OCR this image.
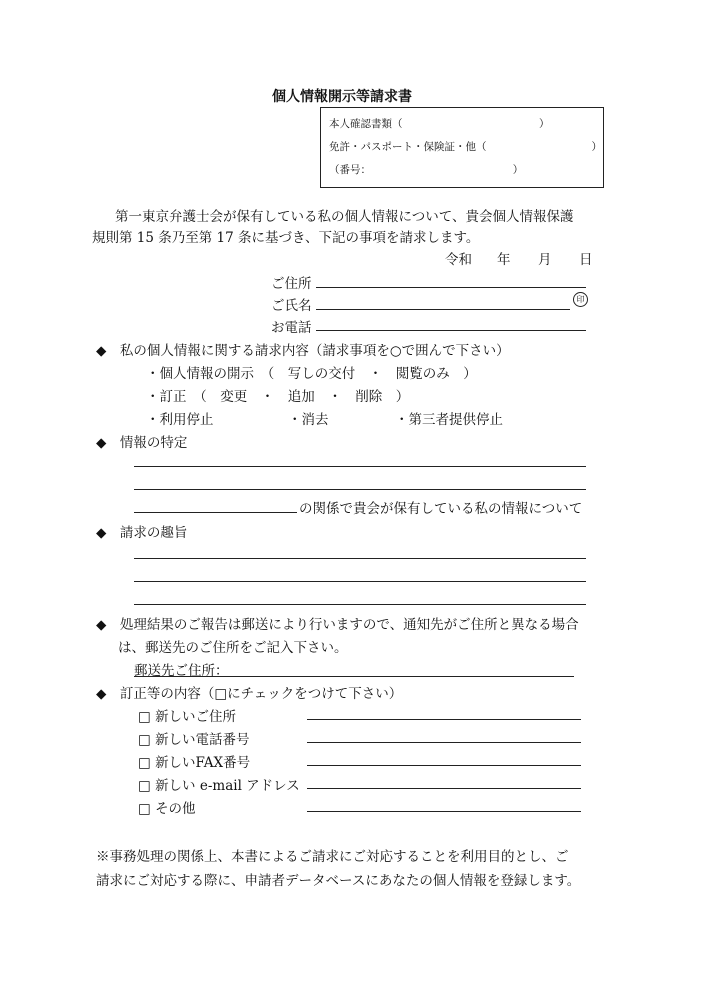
個人情報開示等請求書
本人確認書類（　　　　　　　　　　　　　）
免許・パスポート・保険証・他（　　　　　　　　　　）
（番号：　　　　　　　　　　　　　　）
第一東京弁護士会が保有している私の個人情報について、貴会個人情報保護
規則第 15 条乃至第 17 条に基づき、下記の事項を請求します。
令和 年 月 日
ご住所
ご氏名	印
お電話
◆　私の個人情報に関する請求内容（請求事項を○で囲んで下さい）
・個人情報の開示　（　写しの交付　・　閲覧のみ　）
・訂正　（　変更　・　追加　・　削除　）
・利用停止	・消去	・第三者提供停止
◆　情報の特定
の関係で貴会が保有している私の情報について
◆　請求の趣旨
◆　処理結果のご報告は郵送により行いますので、通知先がご住所と異なる場合
は、郵送先のご住所をご記入下さい。
郵送先ご住所：
◆　訂正等の内容（□にチェックをつけて下さい）
□ 新しいご住所
□ 新しい電話番号
□ 新しいFAX番号
□ 新しい e-mail アドレス
□ その他
※事務処理の関係上、本書によるご請求にご対応することを利用目的とし、ご
請求にご対応する際に、申請者データベースにあなたの個人情報を登録します。
